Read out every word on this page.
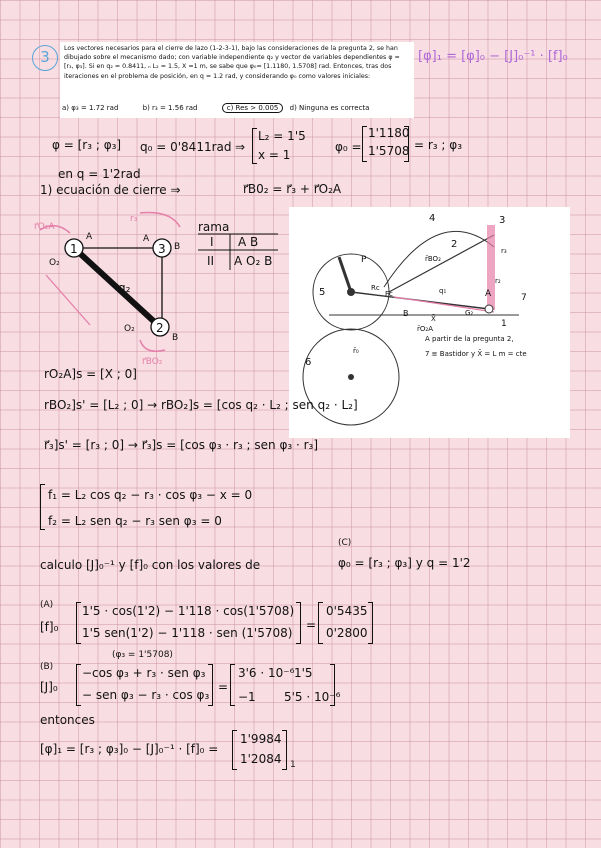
3	Los vectores necesarios para el cierre de lazo (1-2-3-1), bajo las consideraciones de la pregunta 2, se han dibujado sobre el mecanismo dado; con variable independiente q₂ y vector de variables dependientes φ = [r₃, φ₃]. Si en q₂ = 0.8411, ₙ L₂ = 1.5, X =1 m, se sabe que φ₀= [1.1180, 1.5708] rad. Entonces, tras dos iteraciones en el problema de posición, en q = 1.2 rad, y considerando φ₀ como valores iniciales:
a) φ₃ = 1.72 rad	b) r₃ = 1.56 rad	c) Res > 0.005 d) Ninguna es correcta
[φ]₁ = [φ]₀ − [J]₀⁻¹ · [f]₀
φ = [r₃ ; φ₃] q₀ = 0'8411rad ⇒
L₂ = 1'5
x = 1
φ₀ =
1'1180
1'5708 = r₃ ; φ₃
en q = 1'2rad
1) ecuación de cierre ⇒	r⃗B0₂ = r⃗₃ + r⃗O₂A
1	3
2
A	A
B
O₂
O₂
B
r⃗O₂A
r₃
r⃗BO₂
q₂
rama
I A B
II A O₂ B
4	3
2
5
6
1
7
P
A
B
r₂
r₃
q₁
G₂
X̄
Rc
Fc
r̄BO₂
r̄O₂A
r̄₀
A partir de la pregunta 2,
7 ≡ Bastidor y X̄ = L m = cte
rO₂A]s = [X ; 0]
rBO₂]s' = [L₂ ; 0] → rBO₂]s = [cos q₂ · L₂ ; sen q₂ · L₂]
r⃗₃]s' = [r₃ ; 0] → r⃗₃]s = [cos φ₃ · r₃ ; sen φ₃ · r₃]
f₁ = L₂ cos q₂ − r₃ · cos φ₃ − x = 0
f₂ = L₂ sen q₂ − r₃ sen φ₃ = 0
calculo [J]₀⁻¹ y [f]₀ con los valores de	φ₀ = [r₃ ; φ₃] y q = 1'2
(C)
(A)
[f]₀
1'5 · cos(1'2) − 1'118 · cos(1'5708)
1'5 sen(1'2) − 1'118 · sen (1'5708)
=
0'5435
0'2800
(φ₃ = 1'5708)
(B)
[J]₀
−cos φ₃ + r₃ · sen φ₃
− sen φ₃ − r₃ · cos φ₃
=
3'6 · 10⁻⁶ 1'5
−1 5'5 · 10⁻⁶
entonces
[φ]₁ = [r₃ ; φ₃]₀ − [J]₀⁻¹ · [f]₀ =
1'9984
1'2084 1
